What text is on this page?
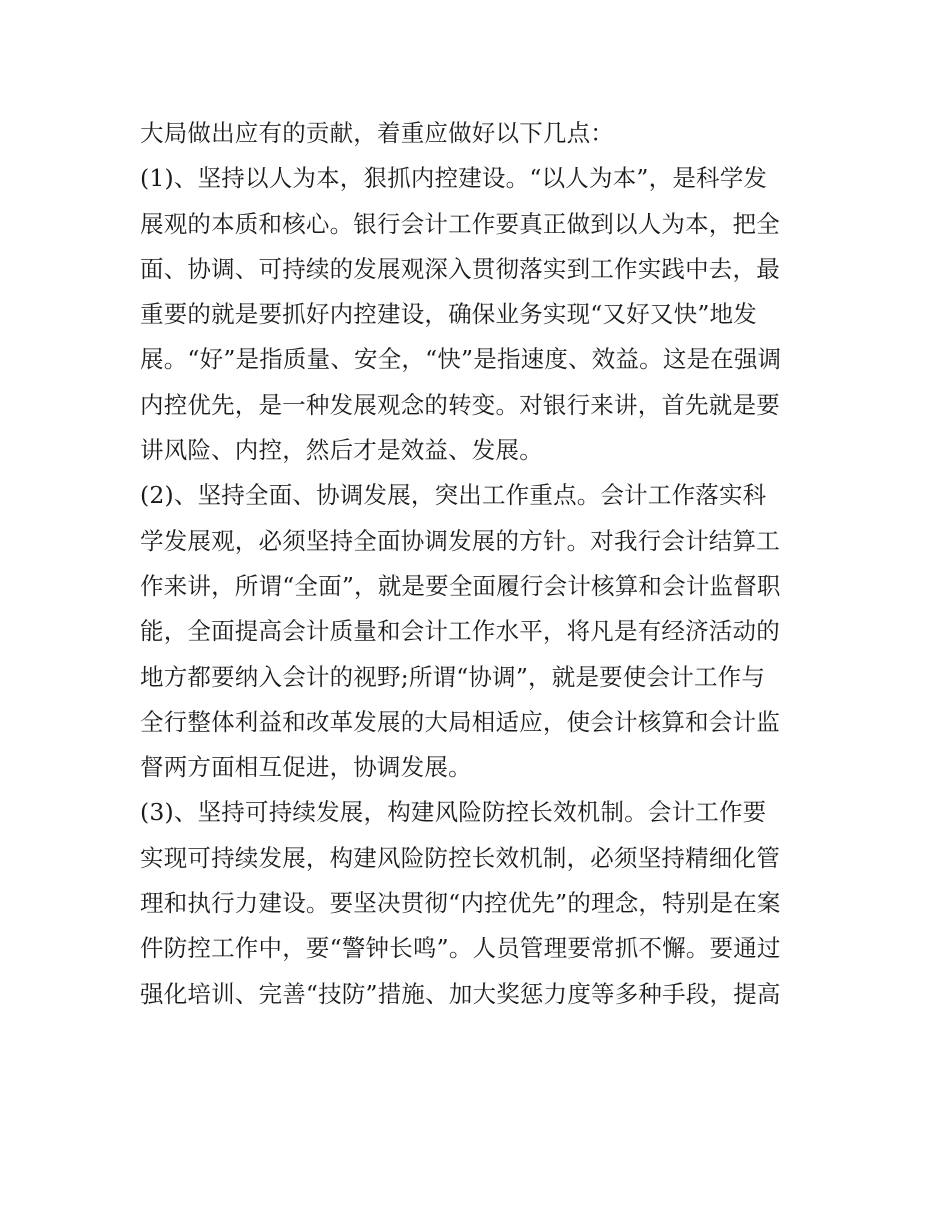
大局做出应有的贡献，着重应做好以下几点：
(1)、坚持以人为本，狠抓内控建设。“以人为本”，是科学发
展观的本质和核心。银行会计工作要真正做到以人为本，把全
面、协调、可持续的发展观深入贯彻落实到工作实践中去，最
重要的就是要抓好内控建设，确保业务实现“又好又快”地发
展。“好”是指质量、安全，“快”是指速度、效益。这是在强调
内控优先，是一种发展观念的转变。对银行来讲，首先就是要
讲风险、内控，然后才是效益、发展。
(2)、坚持全面、协调发展，突出工作重点。会计工作落实科
学发展观，必须坚持全面协调发展的方针。对我行会计结算工
作来讲，所谓“全面”，就是要全面履行会计核算和会计监督职
能，全面提高会计质量和会计工作水平，将凡是有经济活动的
地方都要纳入会计的视野;所谓“协调”，就是要使会计工作与
全行整体利益和改革发展的大局相适应，使会计核算和会计监
督两方面相互促进，协调发展。
(3)、坚持可持续发展，构建风险防控长效机制。会计工作要
实现可持续发展，构建风险防控长效机制，必须坚持精细化管
理和执行力建设。要坚决贯彻“内控优先”的理念，特别是在案
件防控工作中，要“警钟长鸣”。人员管理要常抓不懈。要通过
强化培训、完善“技防”措施、加大奖惩力度等多种手段，提高
